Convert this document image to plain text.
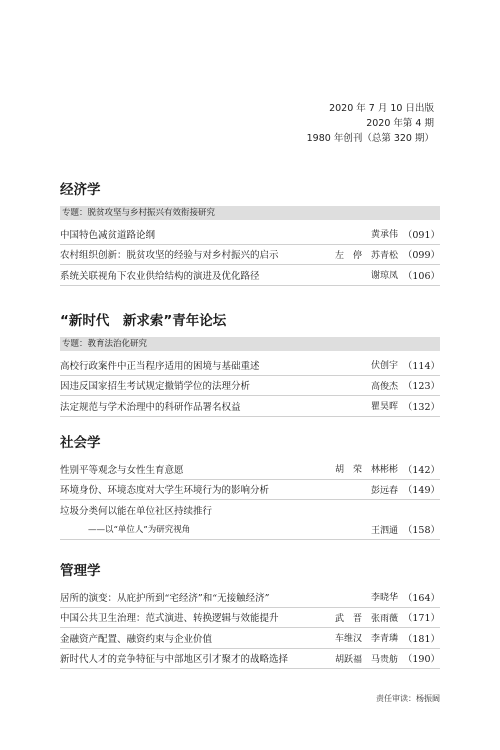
2020 年 7 月 10 日出版
2020 年第 4 期
1980 年创刊（总第 320 期）
经济学
专题：脱贫攻坚与乡村振兴有效衔接研究
中国特色减贫道路论纲	黄承伟 （091）
农村组织创新：脱贫攻坚的经验与对乡村振兴的启示	左　停　苏青松 （099）
系统关联视角下农业供给结构的演进及优化路径	谢琼凤 （106）
“新时代　新求索”青年论坛
专题：教育法治化研究
高校行政案件中正当程序适用的困境与基础重述	伏创宇 （114）
因违反国家招生考试规定撤销学位的法理分析	高俊杰 （123）
法定规范与学术治理中的科研作品署名权益	瞿昊晖 （132）
社会学
性别平等观念与女性生育意愿	胡　荣　林彬彬 （142）
环境身份、环境态度对大学生环境行为的影响分析	彭远春 （149）
垃圾分类何以能在单位社区持续推行
——以“单位人”为研究视角	王泗通 （158）
管理学
居所的演变：从庇护所到“宅经济”和“无接触经济”	李晓华 （164）
中国公共卫生治理：范式演进、转换逻辑与效能提升	武　晋　张雨薇 （171）
金融资产配置、融资约束与企业价值	车维汉　李青璘 （181）
新时代人才的竞争特征与中部地区引才聚才的战略选择	胡跃福　马贵舫 （190）
责任审读：杨振阔
